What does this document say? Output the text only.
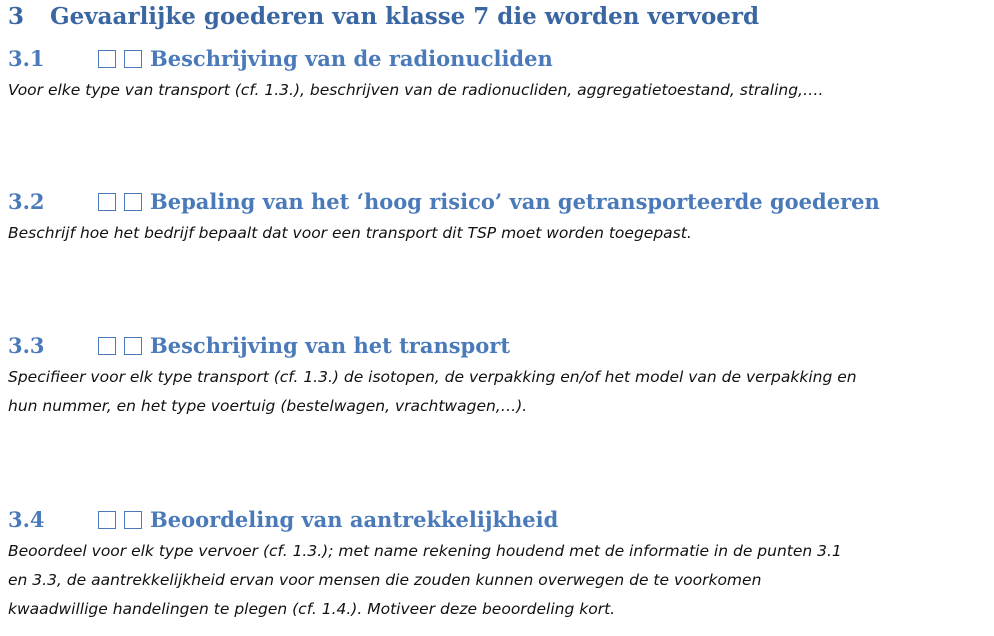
3 Gevaarlijke goederen van klasse 7 die worden vervoerd
3.1	Beschrijving van de radionucliden
Voor elke type van transport (cf. 1.3.), beschrijven van de radionucliden, aggregatietoestand, straling,….
3.2	Bepaling van het ‘hoog risico’ van getransporteerde goederen
Beschrijf hoe het bedrijf bepaalt dat voor een transport dit TSP moet worden toegepast.
3.3	Beschrijving van het transport
Specifieer voor elk type transport (cf. 1.3.) de isotopen, de verpakking en/of het model van de verpakking en
hun nummer, en het type voertuig (bestelwagen, vrachtwagen,…).
3.4	Beoordeling van aantrekkelijkheid
Beoordeel voor elk type vervoer (cf. 1.3.); met name rekening houdend met de informatie in de punten 3.1
en 3.3, de aantrekkelijkheid ervan voor mensen die zouden kunnen overwegen de te voorkomen
kwaadwillige handelingen te plegen (cf. 1.4.). Motiveer deze beoordeling kort.
